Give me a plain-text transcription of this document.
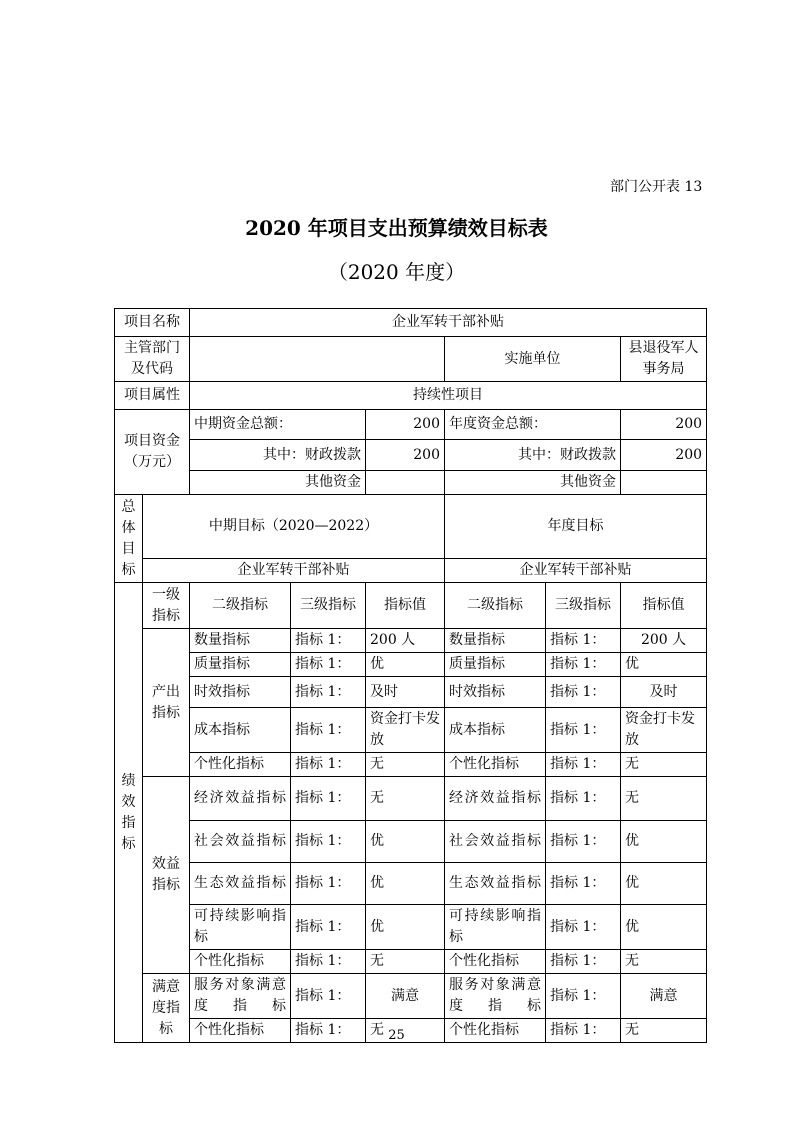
部门公开表 13
2020 年项目支出预算绩效目标表
（2020 年度）
项目名称		企业军转干部补贴					
主管部门及代码					实施单位		县退役军人事务局
项目属性		持续性项目					
项目资金（万元）		中期资金总额：		200	年度资金总额：		200
		其中：财政拨款		200	其中：财政拨款		200
		其他资金			其他资金		
总体目标	中期目标（2020—2022）				年度目标		
	企业军转干部补贴				企业军转干部补贴		
绩效指标	一级指标	二级指标	三级指标	指标值	二级指标	三级指标	指标值
	产出指标	数量指标	指标 1：	200 人	数量指标	指标 1：	200 人
		质量指标	指标 1：	优	质量指标	指标 1：	优
		时效指标	指标 1：	及时	时效指标	指标 1：	及时
		成本指标	指标 1：	资金打卡发放	成本指标	指标 1：	资金打卡发放
		个性化指标	指标 1：	无	个性化指标	指标 1：	无
	效益指标	经济效益指标	指标 1：	无	经济效益指标	指标 1：	无
		社会效益指标	指标 1：	优	社会效益指标	指标 1：	优
		生态效益指标	指标 1：	优	生态效益指标	指标 1：	优
		可持续影响指标	指标 1：	优	可持续影响指标	指标 1：	优
		个性化指标	指标 1：	无	个性化指标	指标 1：	无
	满意度指标	服务对象满意度指标	指标 1：	满意	服务对象满意度指标	指标 1：	满意
		个性化指标	指标 1：	无	个性化指标	指标 1：	无
25
